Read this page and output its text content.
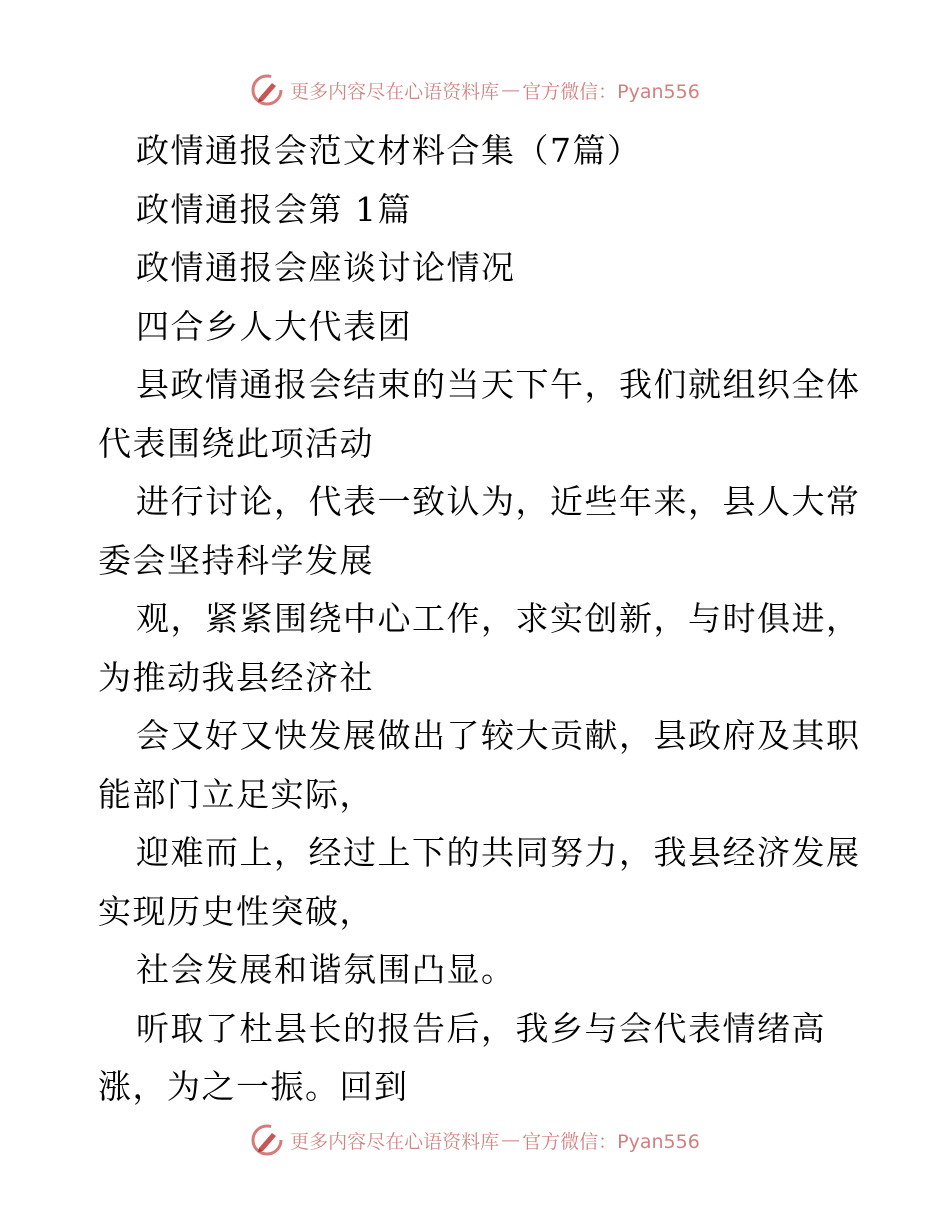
更多内容尽在心语资料库 — 官方微信：Pyan556
政情通报会范文材料合集（7篇）
政情通报会第 1篇
政情通报会座谈讨论情况
四合乡人大代表团
县政情通报会结束的当天下午，我们就组织全体
代表围绕此项活动
进行讨论，代表一致认为，近些年来，县人大常
委会坚持科学发展
观，紧紧围绕中心工作，求实创新，与时俱进，
为推动我县经济社
会又好又快发展做出了较大贡献，县政府及其职
能部门立足实际，
迎难而上，经过上下的共同努力，我县经济发展
实现历史性突破，
社会发展和谐氛围凸显。
听取了杜县长的报告后，我乡与会代表情绪高
涨，为之一振。回到
更多内容尽在心语资料库 — 官方微信：Pyan556
